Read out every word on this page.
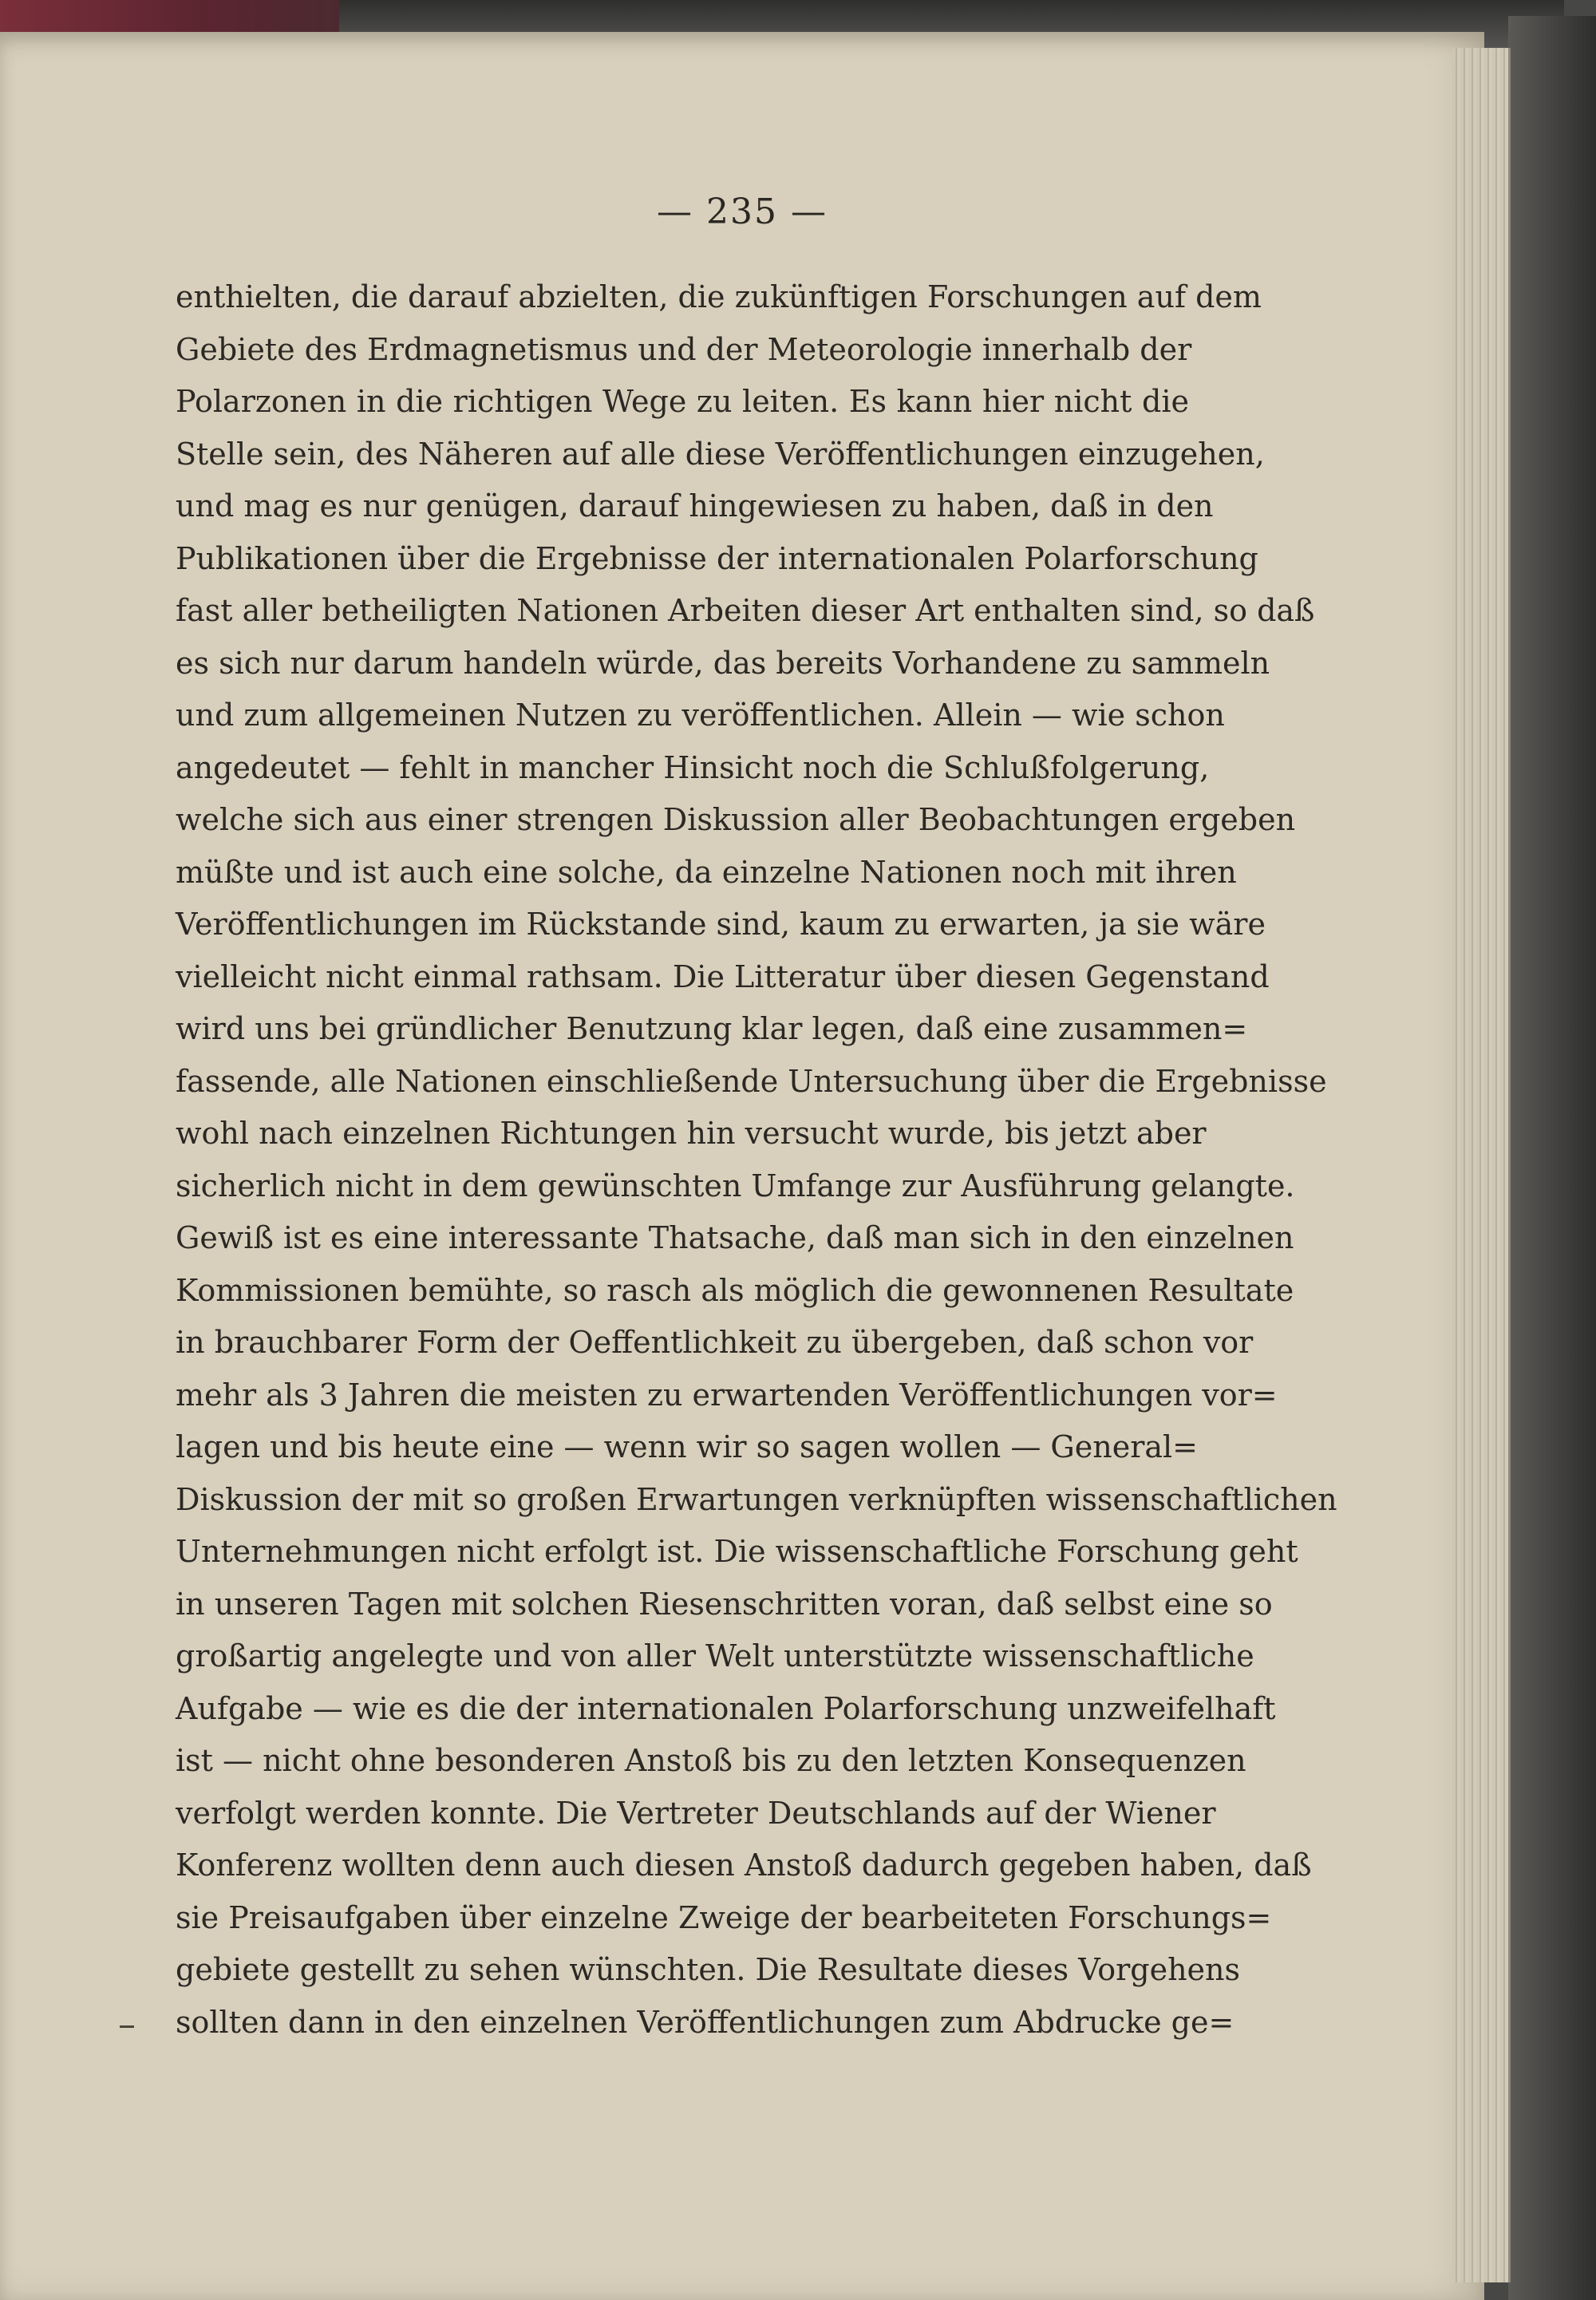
— 235 —
enthielten, die darauf abzielten, die zukünftigen Forschungen auf dem
Gebiete des Erdmagnetismus und der Meteorologie innerhalb der
Polarzonen in die richtigen Wege zu leiten. Es kann hier nicht die
Stelle sein, des Näheren auf alle diese Veröffentlichungen einzugehen,
und mag es nur genügen, darauf hingewiesen zu haben, daß in den
Publikationen über die Ergebnisse der internationalen Polarforschung
fast aller betheiligten Nationen Arbeiten dieser Art enthalten sind, so daß
es sich nur darum handeln würde, das bereits Vorhandene zu sammeln
und zum allgemeinen Nutzen zu veröffentlichen. Allein — wie schon
angedeutet — fehlt in mancher Hinsicht noch die Schlußfolgerung,
welche sich aus einer strengen Diskussion aller Beobachtungen ergeben
müßte und ist auch eine solche, da einzelne Nationen noch mit ihren
Veröffentlichungen im Rückstande sind, kaum zu erwarten, ja sie wäre
vielleicht nicht einmal rathsam. Die Litteratur über diesen Gegenstand
wird uns bei gründlicher Benutzung klar legen, daß eine zusammen=
fassende, alle Nationen einschließende Untersuchung über die Ergebnisse
wohl nach einzelnen Richtungen hin versucht wurde, bis jetzt aber
sicherlich nicht in dem gewünschten Umfange zur Ausführung gelangte.
Gewiß ist es eine interessante Thatsache, daß man sich in den einzelnen
Kommissionen bemühte, so rasch als möglich die gewonnenen Resultate
in brauchbarer Form der Oeffentlichkeit zu übergeben, daß schon vor
mehr als 3 Jahren die meisten zu erwartenden Veröffentlichungen vor=
lagen und bis heute eine — wenn wir so sagen wollen — General=
Diskussion der mit so großen Erwartungen verknüpften wissenschaftlichen
Unternehmungen nicht erfolgt ist. Die wissenschaftliche Forschung geht
in unseren Tagen mit solchen Riesenschritten voran, daß selbst eine so
großartig angelegte und von aller Welt unterstützte wissenschaftliche
Aufgabe — wie es die der internationalen Polarforschung unzweifelhaft
ist — nicht ohne besonderen Anstoß bis zu den letzten Konsequenzen
verfolgt werden konnte. Die Vertreter Deutschlands auf der Wiener
Konferenz wollten denn auch diesen Anstoß dadurch gegeben haben, daß
sie Preisaufgaben über einzelne Zweige der bearbeiteten Forschungs=
gebiete gestellt zu sehen wünschten. Die Resultate dieses Vorgehens
sollten dann in den einzelnen Veröffentlichungen zum Abdrucke ge=
